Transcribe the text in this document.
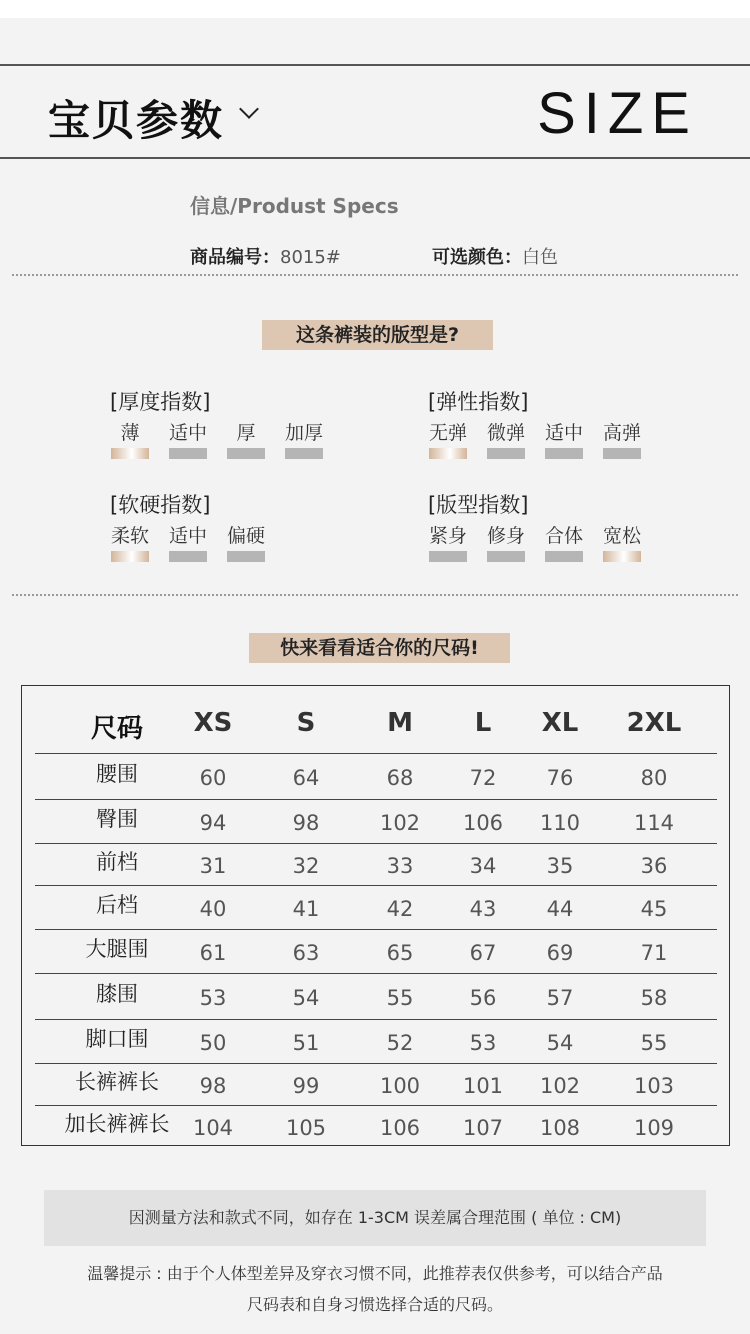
宝贝参数	SIZE
信息/Produst Specs
商品编号：8015#	可选颜色：白色
这条裤装的版型是?
[厚度指数]
薄	适中	厚	加厚
[弹性指数]
无弹	微弹	适中	高弹
[软硬指数]
柔软	适中	偏硬
[版型指数]
紧身	修身	合体	宽松
快来看看适合你的尺码!
尺码	XS	S	M	L	XL	2XL
腰围	60	64	68	72	76	80
臀围	94	98	102	106	110	114
前档	31	32	33	34	35	36
后档	40	41	42	43	44	45
大腿围	61	63	65	67	69	71
膝围	53	54	55	56	57	58
脚口围	50	51	52	53	54	55
长裤裤长	98	99	100	101	102	103
加长裤裤长	104	105	106	107	108	109
因测量方法和款式不同，如存在 1-3CM 误差属合理范围 ( 单位 : CM)
温馨提示 : 由于个人体型差异及穿衣习惯不同，此推荐表仅供参考，可以结合产品
尺码表和自身习惯选择合适的尺码。
